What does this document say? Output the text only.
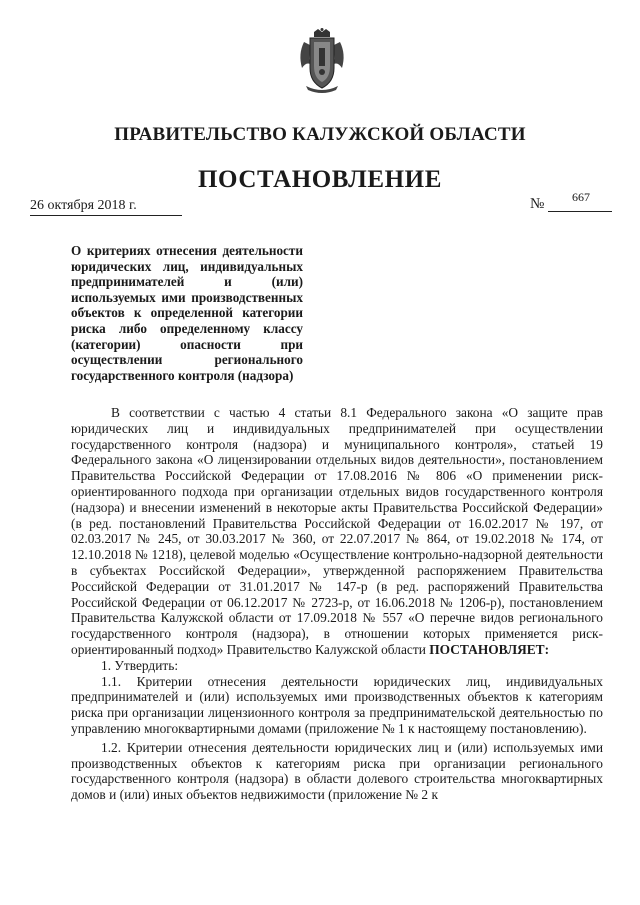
ПРАВИТЕЛЬСТВО КАЛУЖСКОЙ ОБЛАСТИ
ПОСТАНОВЛЕНИЕ
26 октября 2018 г.	№ 667
О критериях отнесения деятельности юридических лиц, индивидуальных предпринимателей и (или) используемых ими производственных объектов к определенной категории риска либо определенному классу (категории) опасности при осуществлении регионального государственного контроля (надзора)

В соответствии с частью 4 статьи 8.1 Федерального закона «О защите прав юридических лиц и индивидуальных предпринимателей при осуществлении государственного контроля (надзора) и муниципального контроля», статьей 19 Федерального закона «О лицензировании отдельных видов деятельности», постановлением Правительства Российской Федерации от 17.08.2016 № 806 «О применении риск-ориентированного подхода при организации отдельных видов государственного контроля (надзора) и внесении изменений в некоторые акты Правительства Российской Федерации» (в ред. постановлений Правительства Российской Федерации от 16.02.2017 № 197, от 02.03.2017 № 245, от 30.03.2017 № 360, от 22.07.2017 № 864, от 19.02.2018 № 174, от 12.10.2018 № 1218), целевой моделью «Осуществление контрольно-надзорной деятельности в субъектах Российской Федерации», утвержденной распоряжением Правительства Российской Федерации от 31.01.2017 № 147-р (в ред. распоряжений Правительства Российской Федерации от 06.12.2017 № 2723-р, от 16.06.2018 № 1206-р), постановлением Правительства Калужской области от 17.09.2018 № 557 «О перечне видов регионального государственного контроля (надзора), в отношении которых применяется риск-ориентированный подход» Правительство Калужской области ПОСТАНОВЛЯЕТ:

1. Утвердить:

1.1. Критерии отнесения деятельности юридических лиц, индивидуальных предпринимателей и (или) используемых ими производственных объектов к категориям риска при организации лицензионного контроля за предпринимательской деятельностью по управлению многоквартирными домами (приложение № 1 к настоящему постановлению).

1.2. Критерии отнесения деятельности юридических лиц и (или) используемых ими производственных объектов к категориям риска при организации регионального государственного контроля (надзора) в области долевого строительства многоквартирных домов и (или) иных объектов недвижимости (приложение № 2 к
